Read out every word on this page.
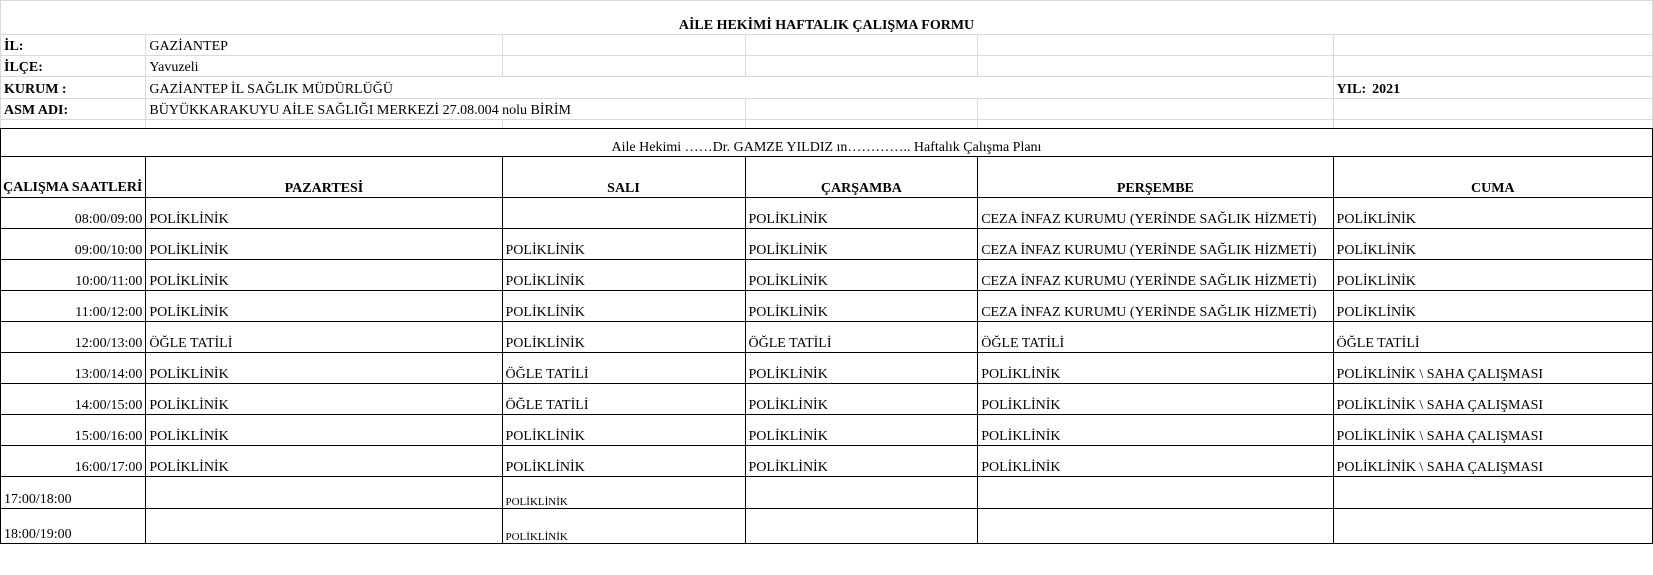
AİLE HEKİMİ HAFTALIK ÇALIŞMA FORMU					
İL:	GAZİANTEP				
İLÇE:	Yavuzeli				
KURUM :	GAZİANTEP İL SAĞLIK MÜDÜRLÜĞÜ				YIL: 2021
ASM ADI:	BÜYÜKKARAKUYU AİLE SAĞLIĞI MERKEZİ 27.08.004 nolu BİRİM				

Aile Hekimi ……Dr. GAMZE YILDIZ ın………….. Haftalık Çalışma Planı					
ÇALIŞMA SAATLERİ	PAZARTESİ	SALI	ÇARŞAMBA	PERŞEMBE	CUMA
08:00/09:00	POLİKLİNİK		POLİKLİNİK	CEZA İNFAZ KURUMU (YERİNDE SAĞLIK HİZMETİ)	POLİKLİNİK
09:00/10:00	POLİKLİNİK	POLİKLİNİK	POLİKLİNİK	CEZA İNFAZ KURUMU (YERİNDE SAĞLIK HİZMETİ)	POLİKLİNİK
10:00/11:00	POLİKLİNİK	POLİKLİNİK	POLİKLİNİK	CEZA İNFAZ KURUMU (YERİNDE SAĞLIK HİZMETİ)	POLİKLİNİK
11:00/12:00	POLİKLİNİK	POLİKLİNİK	POLİKLİNİK	CEZA İNFAZ KURUMU (YERİNDE SAĞLIK HİZMETİ)	POLİKLİNİK
12:00/13:00	ÖĞLE TATİLİ	POLİKLİNİK	ÖĞLE TATİLİ	ÖĞLE TATİLİ	ÖĞLE TATİLİ
13:00/14:00	POLİKLİNİK	ÖĞLE TATİLİ	POLİKLİNİK	POLİKLİNİK	POLİKLİNİK \ SAHA ÇALIŞMASI
14:00/15:00	POLİKLİNİK	ÖĞLE TATİLİ	POLİKLİNİK	POLİKLİNİK	POLİKLİNİK \ SAHA ÇALIŞMASI
15:00/16:00	POLİKLİNİK	POLİKLİNİK	POLİKLİNİK	POLİKLİNİK	POLİKLİNİK \ SAHA ÇALIŞMASI
16:00/17:00	POLİKLİNİK	POLİKLİNİK	POLİKLİNİK	POLİKLİNİK	POLİKLİNİK \ SAHA ÇALIŞMASI
17:00/18:00		POLİKLİNİK			
18:00/19:00		POLİKLİNİK			
